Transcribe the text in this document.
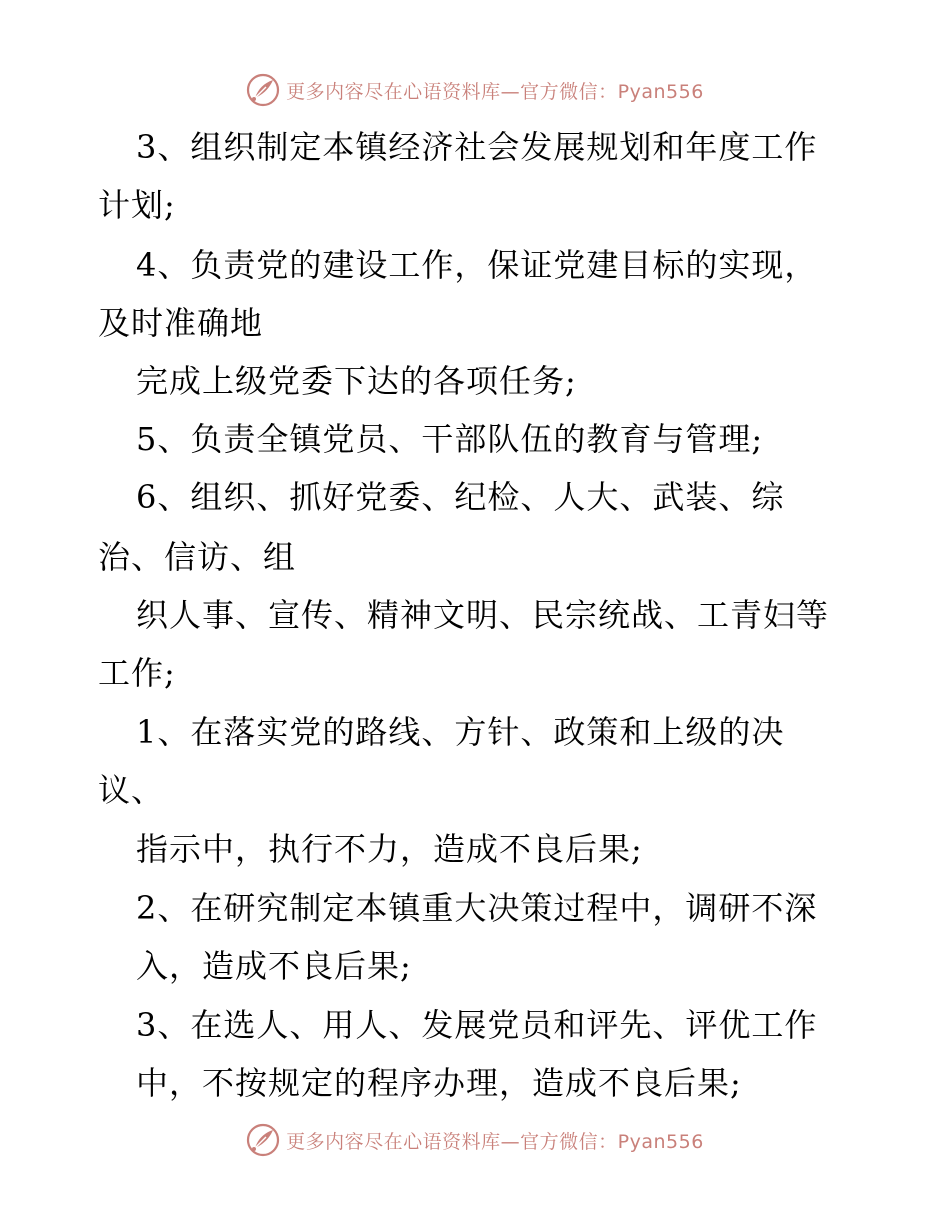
更多内容尽在心语资料库—官方微信：Pyan556
3、组织制定本镇经济社会发展规划和年度工作
计划;
4、负责党的建设工作，保证党建目标的实现，
及时准确地
完成上级党委下达的各项任务;
5、负责全镇党员、干部队伍的教育与管理;
6、组织、抓好党委、纪检、人大、武装、综
治、信访、组
织人事、宣传、精神文明、民宗统战、工青妇等
工作;
1、在落实党的路线、方针、政策和上级的决
议、
指示中，执行不力，造成不良后果;
2、在研究制定本镇重大决策过程中，调研不深
入，造成不良后果;
3、在选人、用人、发展党员和评先、评优工作
中，不按规定的程序办理，造成不良后果;
更多内容尽在心语资料库—官方微信：Pyan556
